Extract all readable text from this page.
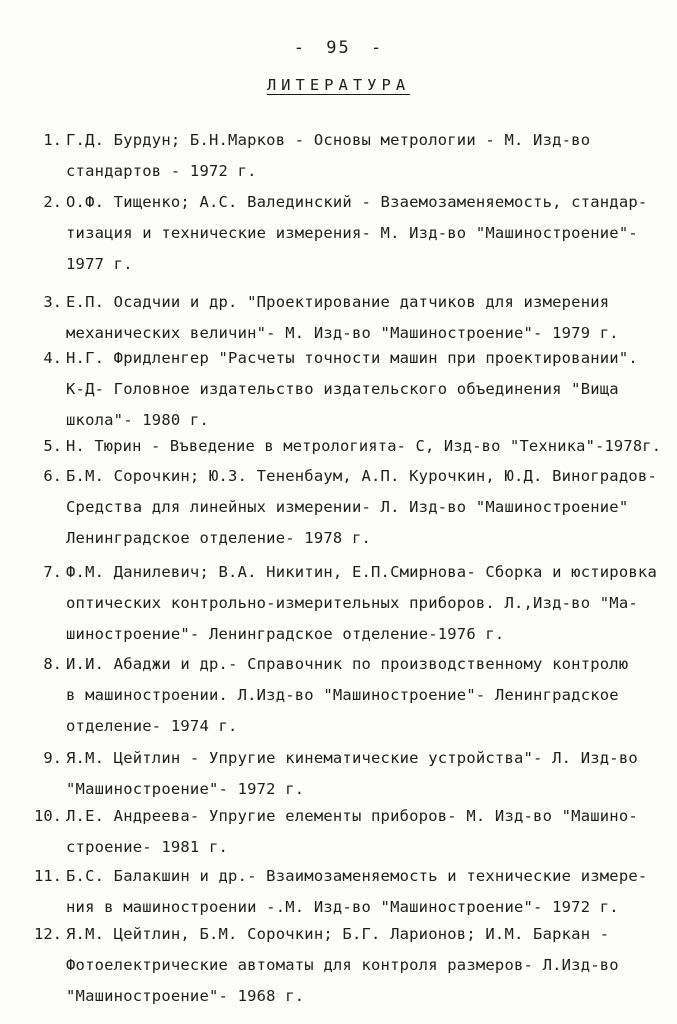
- 95 -
ЛИТЕРАТУРА
1. Г.Д. Бурдун; Б.Н.Марков - Основы метрологии - М. Изд-во
стандартов - 1972 г.
2. О.Ф. Тищенко; А.С. Валединский - Взаемозаменяемость, стандар-
тизация и технические измерения- М. Изд-во "Машиностроение"-
1977 г.
3. Е.П. Осадчии и др. "Проектирование датчиков для измерения
механических величин"- М. Изд-во "Машиностроение"- 1979 г.
4. Н.Г. Фридленгер "Расчеты точности машин при проектировании".
К-Д- Головное издательство издательского объединения "Вища
школа"- 1980 г.
5. Н. Тюрин - Въведение в метрологията- С, Изд-во "Техника"-1978г.
6. Б.М. Сорочкин; Ю.З. Тененбаум, А.П. Курочкин, Ю.Д. Виноградов-
Средства для линейных измерении- Л. Изд-во "Машиностроение"
Ленинградское отделение- 1978 г.
7. Ф.М. Данилевич; В.А. Никитин, Е.П.Смирнова- Сборка и юстировка
оптических контрольно-измерительных приборов. Л.,Изд-во "Ма-
шиностроение"- Ленинградское отделение-1976 г.
8. И.И. Абаджи и др.- Справочник по производственному контролю
в машиностроении. Л.Изд-во "Машиностроение"- Ленинградское
отделение- 1974 г.
9. Я.М. Цейтлин - Упругие кинематические устройства"- Л. Изд-во
"Машиностроение"- 1972 г.
10. Л.Е. Андреева- Упругие елементы приборов- М. Изд-во "Машино-
строение- 1981 г.
11. Б.С. Балакшин и др.- Взаимозаменяемость и технические измере-
ния в машиностроении -.М. Изд-во "Машиностроение"- 1972 г.
12. Я.М. Цейтлин, Б.М. Сорочкин; Б.Г. Ларионов; И.М. Баркан -
Фотоелектрические автоматы для контроля размеров- Л.Изд-во
"Машиностроение"- 1968 г.
